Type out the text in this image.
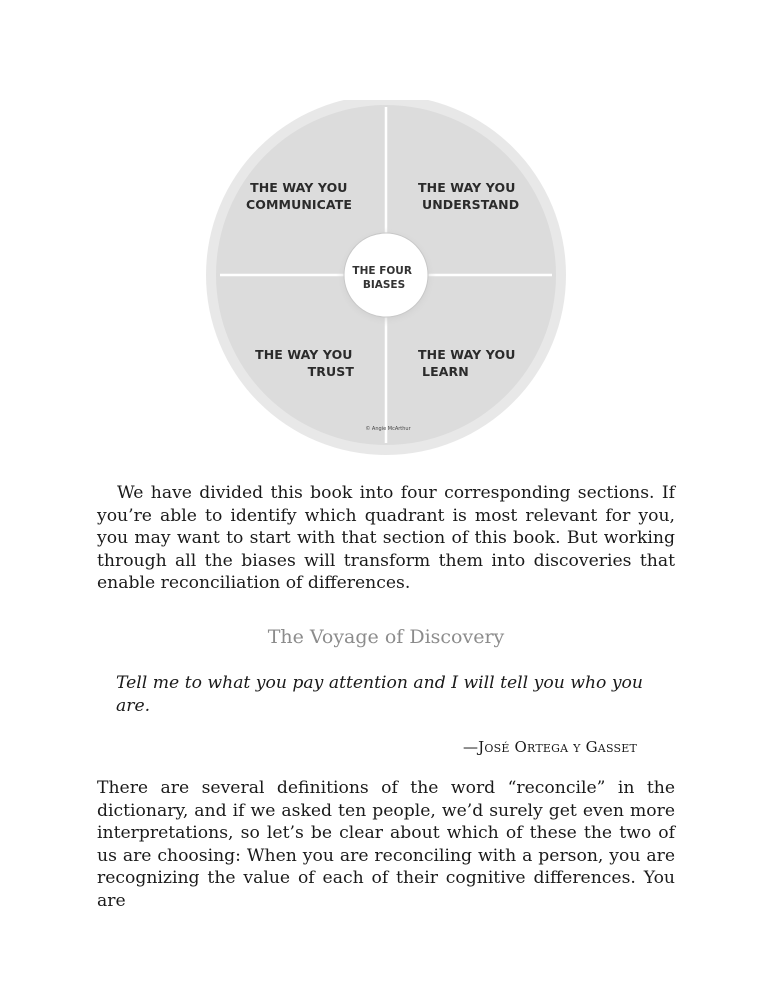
THE WAY YOU COMMUNICATE
THE WAY YOU UNDERSTAND
THE WAY YOU TRUST
THE WAY YOU LEARN
THE FOUR BIASES
© Angie McArthur

We have divided this book into four corresponding sections. If you’re able to identify which quadrant is most relevant for you, you may want to start with that section of this book. But working through all the biases will transform them into discoveries that enable reconciliation of differences.

The Voyage of Discovery

Tell me to what you pay attention and I will tell you who you are.

—José Ortega y Gasset

There are several definitions of the word “reconcile” in the dictionary, and if we asked ten people, we’d surely get even more interpretations, so let’s be clear about which of these the two of us are choosing: When you are reconciling with a person, you are recognizing the value of each of their cognitive differences. You are
